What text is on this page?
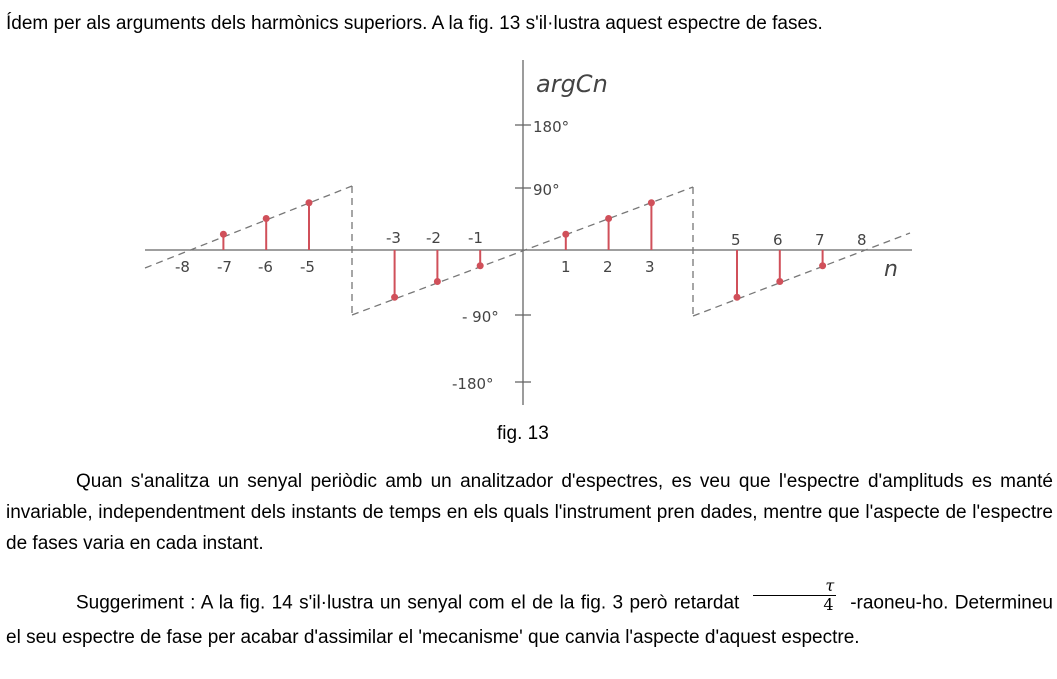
Ídem per als arguments dels harmònics superiors. A la fig. 13 s'il·lustra aquest espectre de fases.
180°
90°
- 90°
-180°
argCn
n
-8 -7 -6 -5
-3 -2 -1
1 2 3
5 6 7 8
fig. 13
Quan s'analitza un senyal periòdic amb un analitzador d'espectres, es veu que l'espectre d'amplituds es manté invariable, independentment dels instants de temps en els quals l'instrument pren dades, mentre que l'aspecte de l'espectre de fases varia en cada instant.
Suggeriment : A la fig. 14 s'il·lustra un senyal com el de la fig. 3 però retardat $\frac{\tau}{4}$ -raoneu-ho. Determineu el seu espectre de fase per acabar d'assimilar el 'mecanisme' que canvia l'aspecte d'aquest espectre.
